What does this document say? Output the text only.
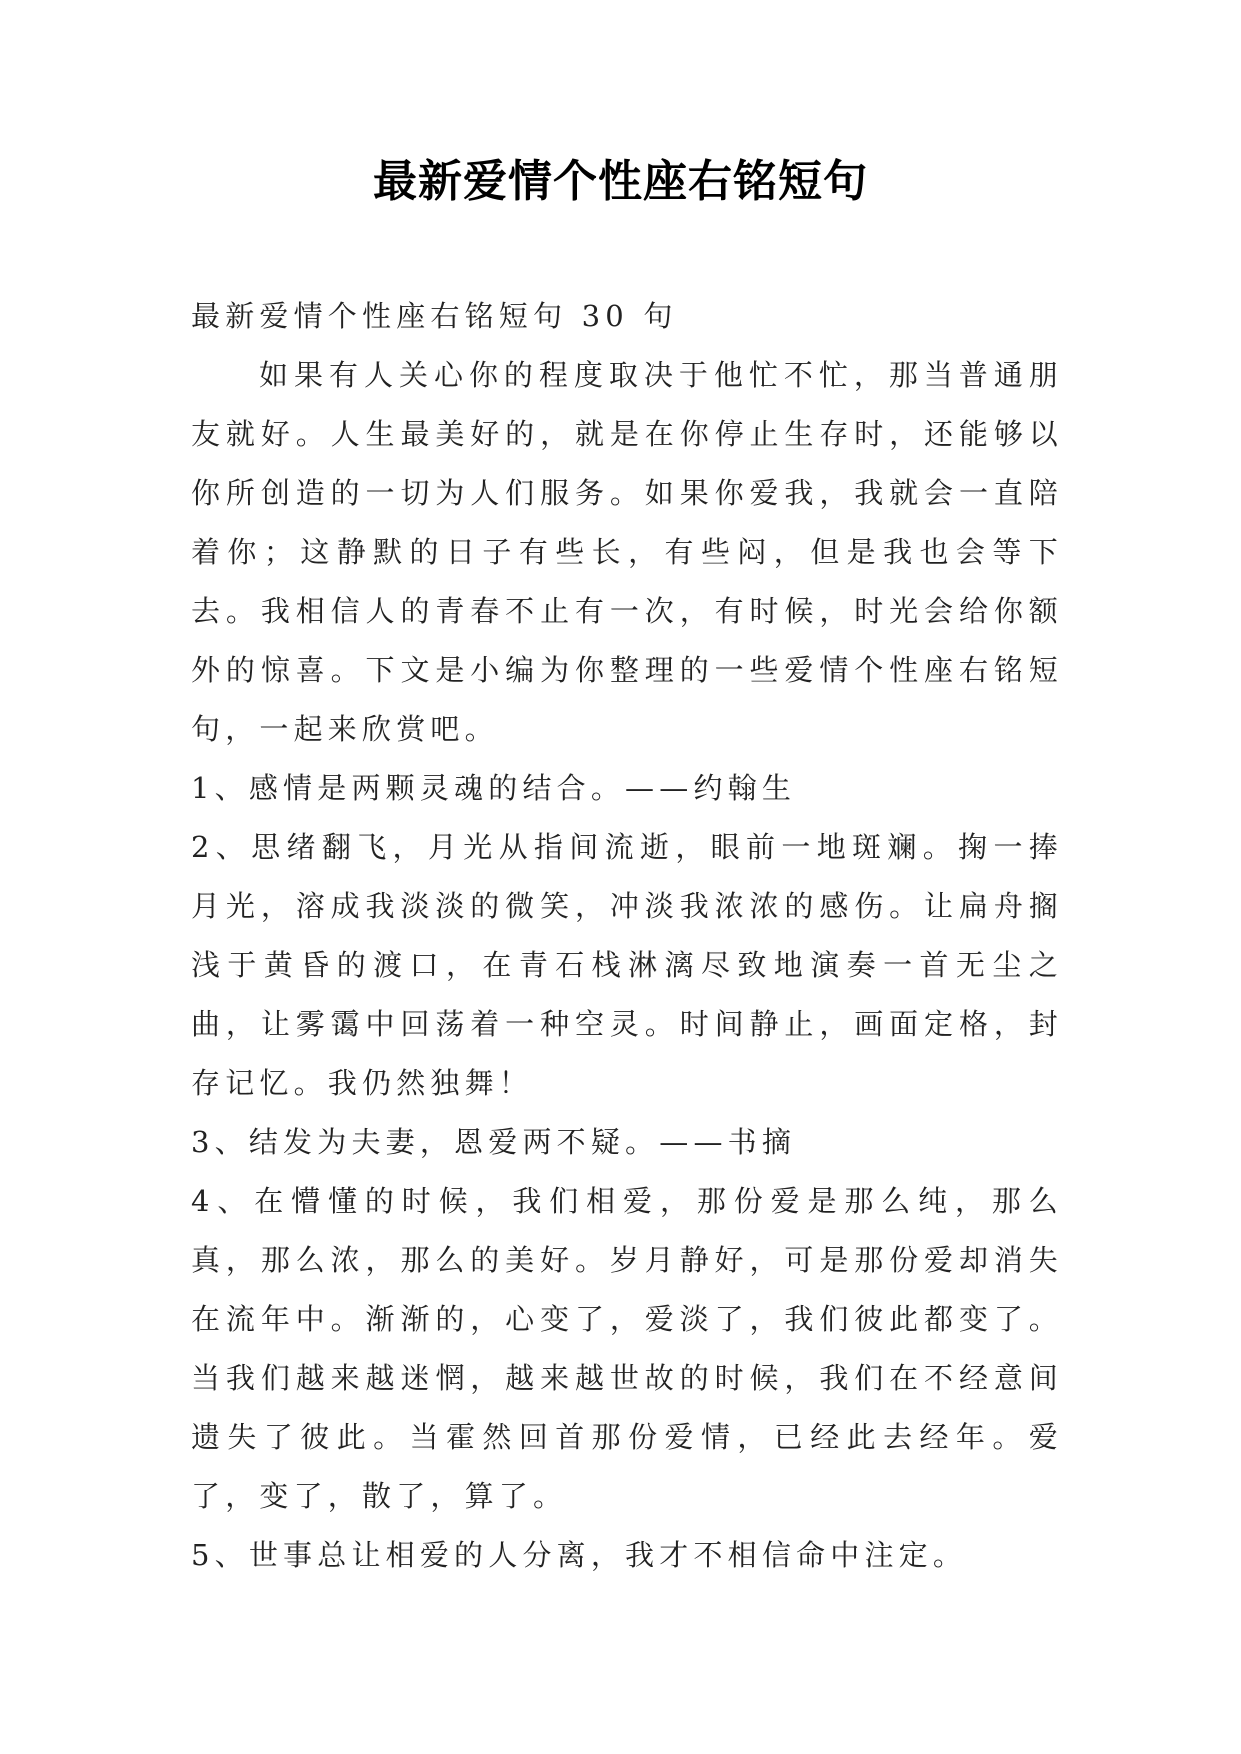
最新爱情个性座右铭短句

最新爱情个性座右铭短句 30 句

如果有人关心你的程度取决于他忙不忙，那当普通朋友就好。人生最美好的，就是在你停止生存时，还能够以你所创造的一切为人们服务。如果你爱我，我就会一直陪着你；这静默的日子有些长，有些闷，但是我也会等下去。我相信人的青春不止有一次，有时候，时光会给你额外的惊喜。下文是小编为你整理的一些爱情个性座右铭短句，一起来欣赏吧。

1、感情是两颗灵魂的结合。——约翰生

2、思绪翻飞，月光从指间流逝，眼前一地斑斓。掬一捧月光，溶成我淡淡的微笑，冲淡我浓浓的感伤。让扁舟搁浅于黄昏的渡口，在青石栈淋漓尽致地演奏一首无尘之曲，让雾霭中回荡着一种空灵。时间静止，画面定格，封存记忆。我仍然独舞！

3、结发为夫妻，恩爱两不疑。——书摘

4、在懵懂的时候，我们相爱，那份爱是那么纯，那么真，那么浓，那么的美好。岁月静好，可是那份爱却消失在流年中。渐渐的，心变了，爱淡了，我们彼此都变了。当我们越来越迷惘，越来越世故的时候，我们在不经意间遗失了彼此。当霍然回首那份爱情，已经此去经年。爱了，变了，散了，算了。

5、世事总让相爱的人分离，我才不相信命中注定。
